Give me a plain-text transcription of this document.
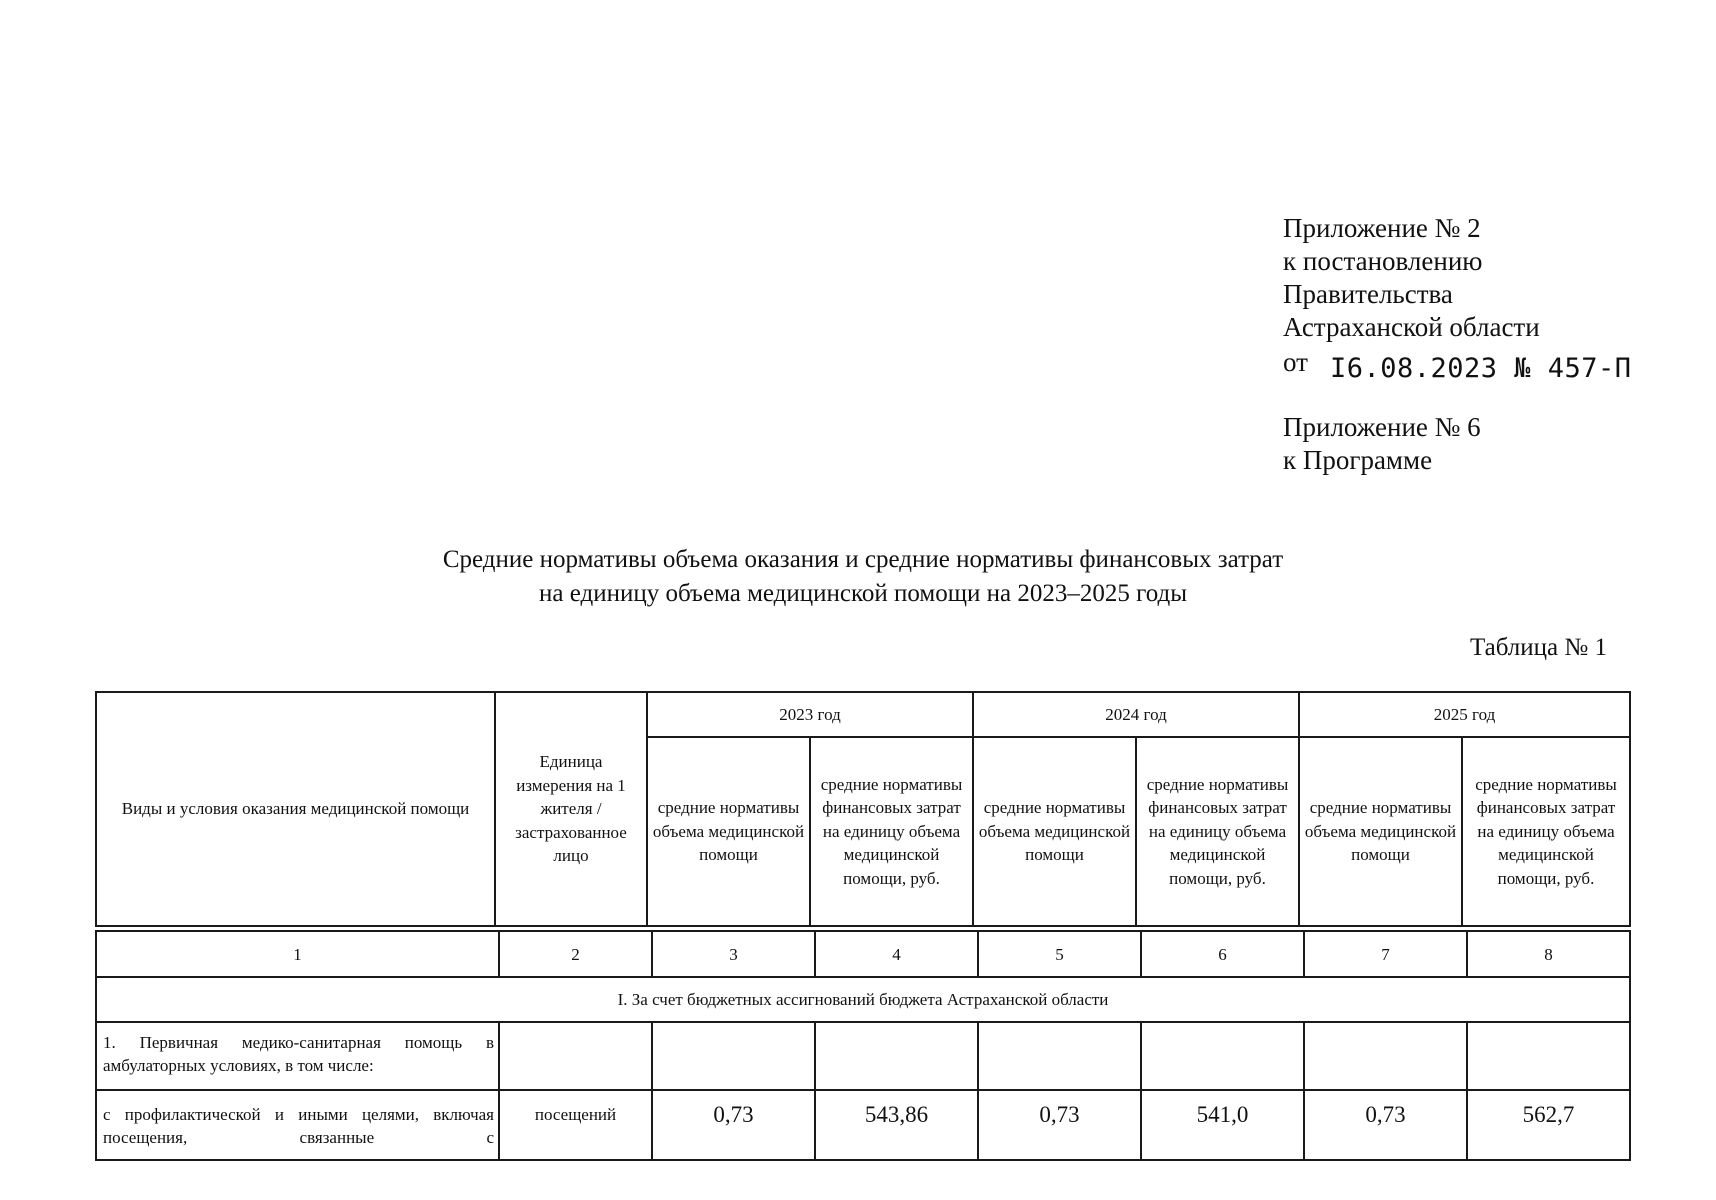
Приложение № 2
к постановлению
Правительства
Астраханской области
от I6.08.2023 № 457-П
Приложение № 6
к Программе
Средние нормативы объема оказания и средние нормативы финансовых затрат
на единицу объема медицинской помощи на 2023–2025 годы
Таблица № 1
Виды и условия оказания медицинской помощи	Единица измерения на 1 жителя / застрахованное лицо	2023 год		2024 год		2025 год	
		средние нормативы объема медицинской помощи	средние нормативы финансовых затрат на единицу объема медицинской помощи, руб.	средние нормативы объема медицинской помощи	средние нормативы финансовых затрат на единицу объема медицинской помощи, руб.	средние нормативы объема медицинской помощи	средние нормативы финансовых затрат на единицу объема медицинской помощи, руб.
1	2	3	4	5	6	7	8
I. За счет бюджетных ассигнований бюджета Астраханской области							
1. Первичная медико-санитарная помощь в амбулаторных условиях, в том числе:							
с профилактической и иными целями, включая посещения, связанные с	посещений	0,73	543,86	0,73	541,0	0,73	562,7
